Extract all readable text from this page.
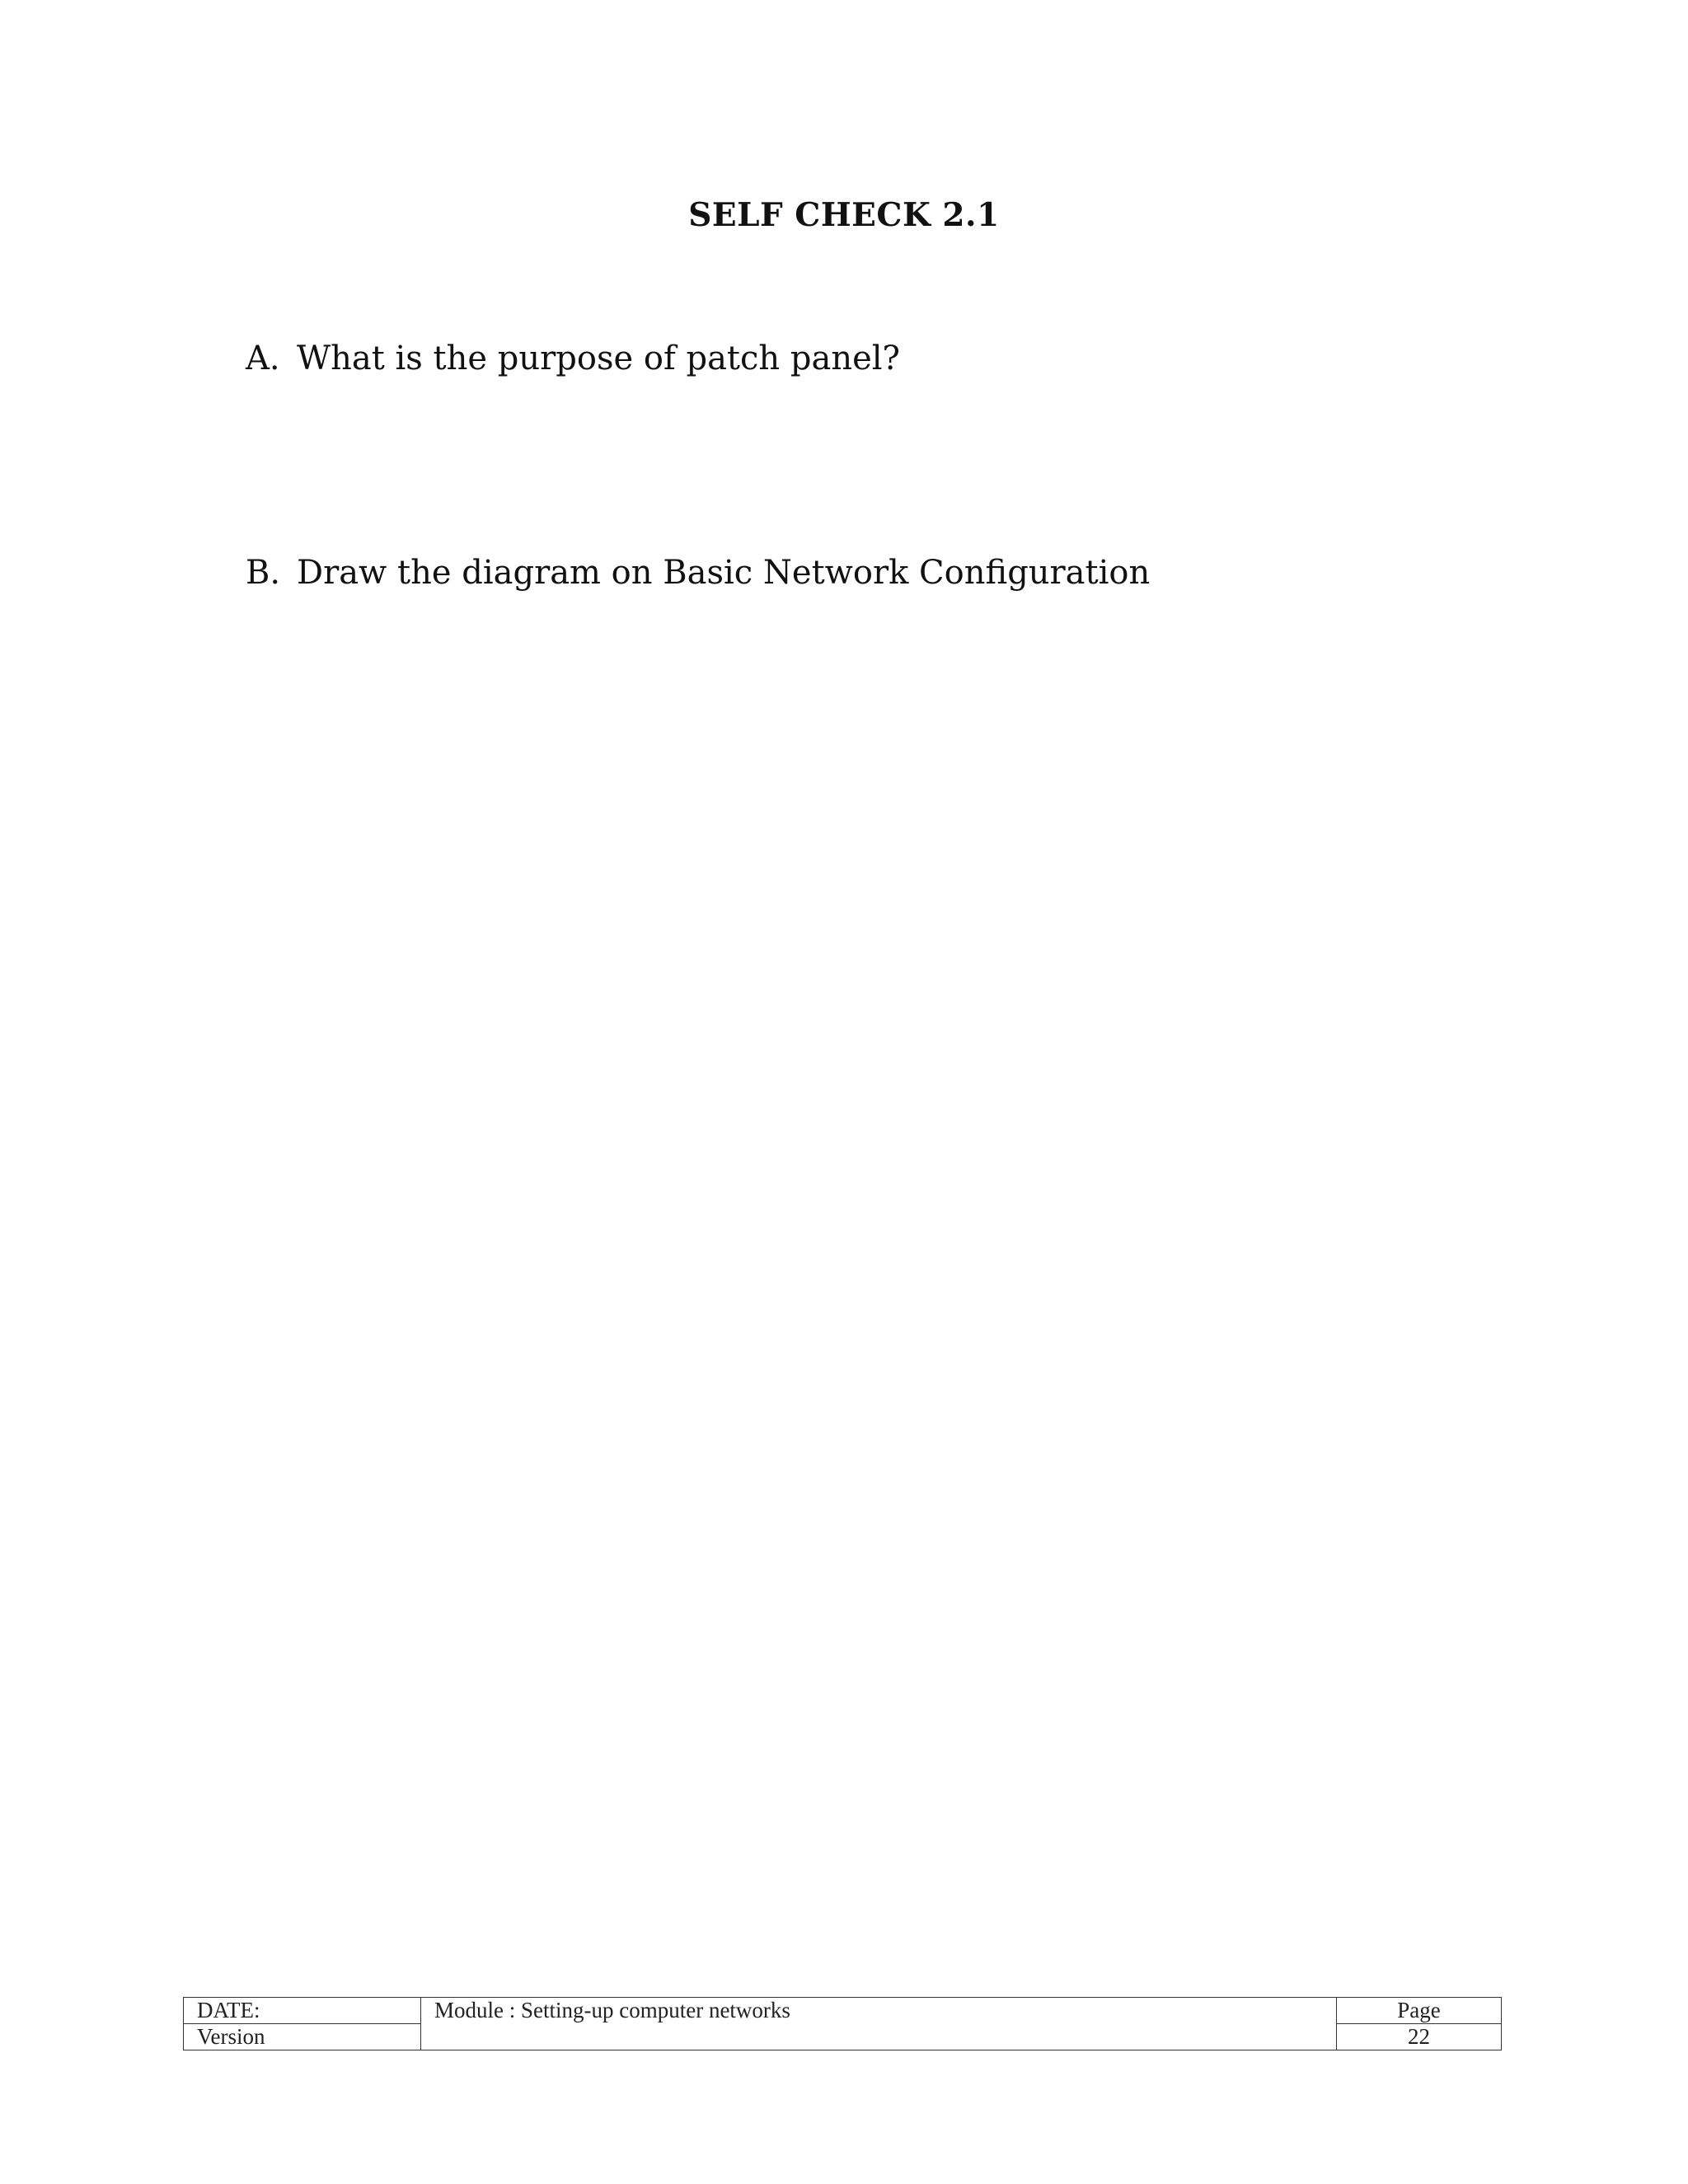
SELF CHECK 2.1
A. What is the purpose of patch panel?
B. Draw the diagram on Basic Network Configuration
DATE:	Module : Setting-up computer networks	Page
Version		22
